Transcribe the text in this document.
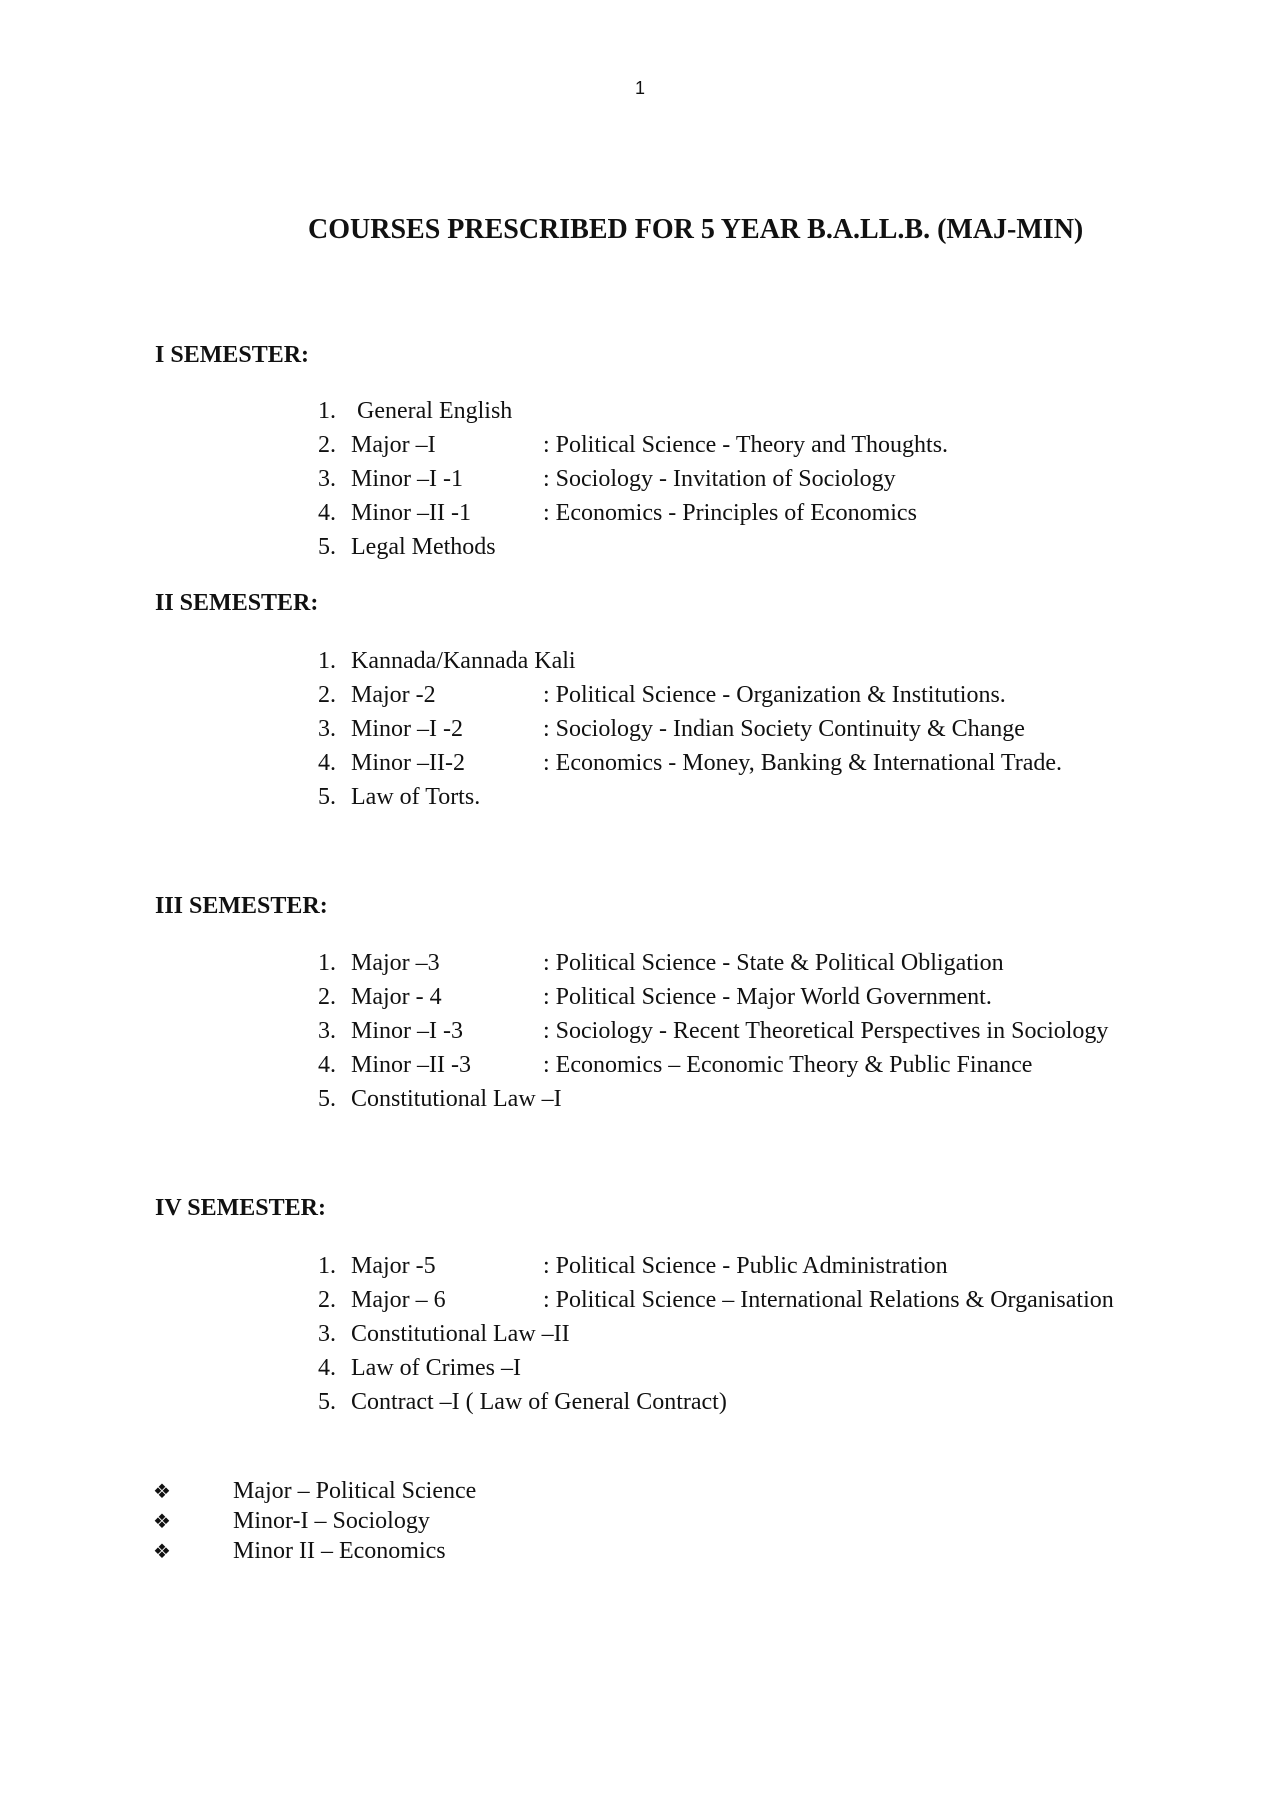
1
COURSES PRESCRIBED FOR 5 YEAR B.A.LL.B. (MAJ-MIN)
I SEMESTER:
1. General English
2. Major –I	: Political Science - Theory and Thoughts.
3. Minor –I -1	: Sociology - Invitation of Sociology
4. Minor –II -1	: Economics - Principles of Economics
5. Legal Methods
II SEMESTER:
1. Kannada/Kannada Kali
2. Major -2	: Political Science - Organization & Institutions.
3. Minor –I -2	: Sociology - Indian Society Continuity & Change
4. Minor –II-2	: Economics - Money, Banking & International Trade.
5. Law of Torts.
III SEMESTER:
1. Major –3	: Political Science - State & Political Obligation
2. Major - 4	: Political Science - Major World Government.
3. Minor –I -3	: Sociology - Recent Theoretical Perspectives in Sociology
4. Minor –II -3	: Economics – Economic Theory & Public Finance
5. Constitutional Law –I
IV SEMESTER:
1. Major -5	: Political Science - Public Administration
2. Major – 6	: Political Science – International Relations & Organisation
3. Constitutional Law –II
4. Law of Crimes –I
5. Contract –I ( Law of General Contract)
❖	Major – Political Science
❖	Minor-I – Sociology
❖	Minor II – Economics
